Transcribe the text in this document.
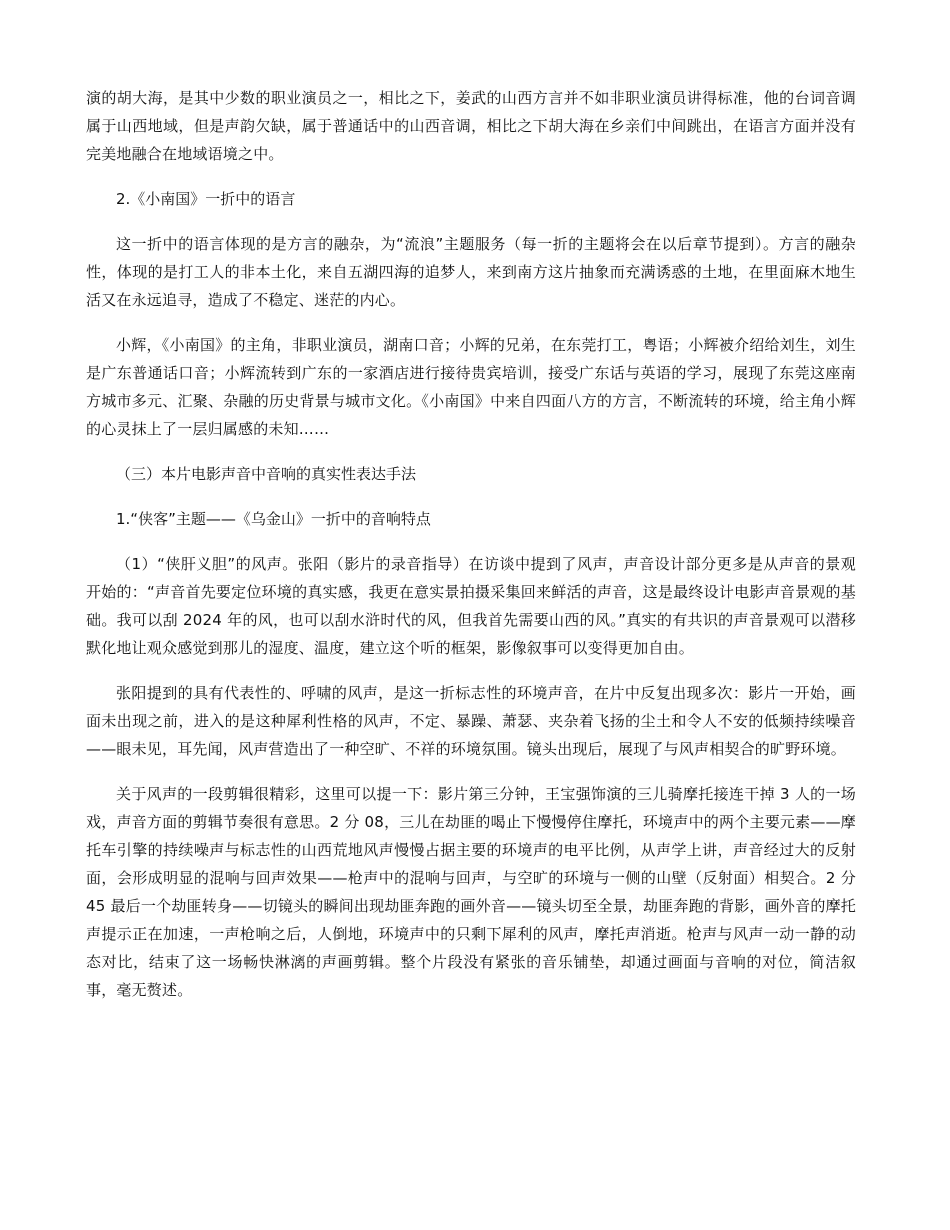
演的胡大海，是其中少数的职业演员之一，相比之下，姜武的山西方言并不如非职业演员讲得标准，他的台词音调属于山西地域，但是声韵欠缺，属于普通话中的山西音调，相比之下胡大海在乡亲们中间跳出，在语言方面并没有完美地融合在地域语境之中。

2.《小南国》一折中的语言

这一折中的语言体现的是方言的融杂，为“流浪”主题服务（每一折的主题将会在以后章节提到）。方言的融杂性，体现的是打工人的非本土化，来自五湖四海的追梦人，来到南方这片抽象而充满诱惑的土地，在里面麻木地生活又在永远追寻，造成了不稳定、迷茫的内心。

小辉，《小南国》的主角，非职业演员，湖南口音；小辉的兄弟，在东莞打工，粤语；小辉被介绍给刘生，刘生是广东普通话口音；小辉流转到广东的一家酒店进行接待贵宾培训，接受广东话与英语的学习，展现了东莞这座南方城市多元、汇聚、杂融的历史背景与城市文化。《小南国》中来自四面八方的方言，不断流转的环境，给主角小辉的心灵抹上了一层归属感的未知……

（三）本片电影声音中音响的真实性表达手法

1.“侠客”主题——《乌金山》一折中的音响特点

（1）“侠肝义胆”的风声。张阳（影片的录音指导）在访谈中提到了风声，声音设计部分更多是从声音的景观开始的：“声音首先要定位环境的真实感，我更在意实景拍摄采集回来鲜活的声音，这是最终设计电影声音景观的基础。我可以刮 2024 年的风，也可以刮水浒时代的风，但我首先需要山西的风。”真实的有共识的声音景观可以潜移默化地让观众感觉到那儿的湿度、温度，建立这个听的框架，影像叙事可以变得更加自由。

张阳提到的具有代表性的、呼啸的风声，是这一折标志性的环境声音，在片中反复出现多次：影片一开始，画面未出现之前，进入的是这种犀利性格的风声，不定、暴躁、萧瑟、夹杂着飞扬的尘土和令人不安的低频持续噪音——眼未见，耳先闻，风声营造出了一种空旷、不祥的环境氛围。镜头出现后，展现了与风声相契合的旷野环境。

关于风声的一段剪辑很精彩，这里可以提一下：影片第三分钟，王宝强饰演的三儿骑摩托接连干掉 3 人的一场戏，声音方面的剪辑节奏很有意思。2 分 08，三儿在劫匪的喝止下慢慢停住摩托，环境声中的两个主要元素——摩托车引擎的持续噪声与标志性的山西荒地风声慢慢占据主要的环境声的电平比例，从声学上讲，声音经过大的反射面，会形成明显的混响与回声效果——枪声中的混响与回声，与空旷的环境与一侧的山壁（反射面）相契合。2 分 45 最后一个劫匪转身——切镜头的瞬间出现劫匪奔跑的画外音——镜头切至全景，劫匪奔跑的背影，画外音的摩托声提示正在加速，一声枪响之后，人倒地，环境声中的只剩下犀利的风声，摩托声消逝。枪声与风声一动一静的动态对比，结束了这一场畅快淋漓的声画剪辑。整个片段没有紧张的音乐铺垫，却通过画面与音响的对位，简洁叙事，毫无赘述。
